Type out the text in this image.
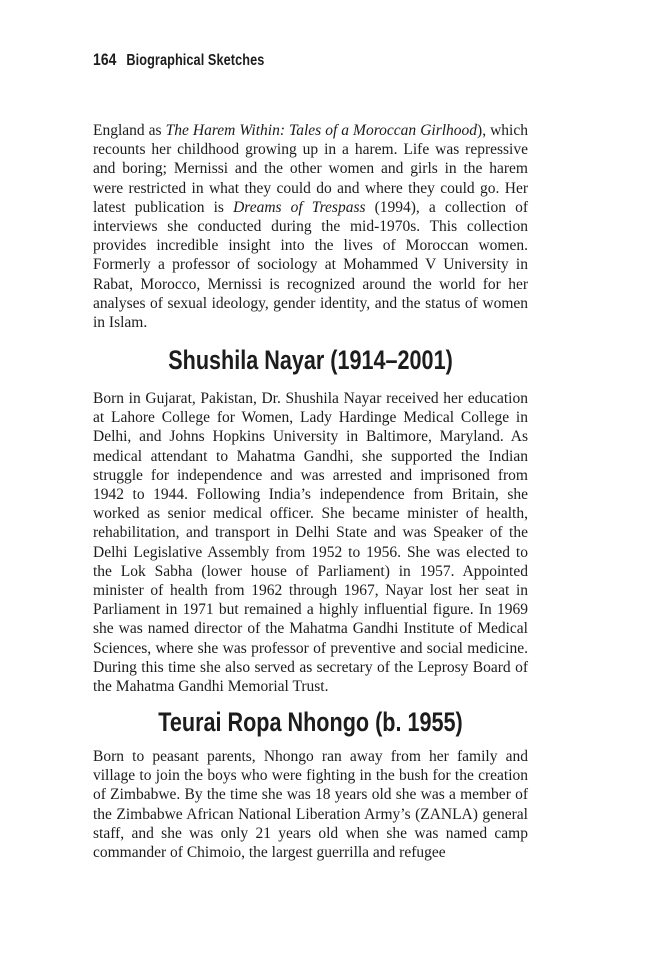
164 Biographical Sketches

England as The Harem Within: Tales of a Moroccan Girlhood), which recounts her childhood growing up in a harem. Life was repressive and boring; Mernissi and the other women and girls in the harem were restricted in what they could do and where they could go. Her latest publication is Dreams of Trespass (1994), a collection of interviews she conducted during the mid-1970s. This collection provides incredible insight into the lives of Moroccan women. Formerly a professor of sociology at Mohammed V University in Rabat, Morocco, Mernissi is recognized around the world for her analyses of sexual ideology, gender identity, and the status of women in Islam.

Shushila Nayar (1914–2001)

Born in Gujarat, Pakistan, Dr. Shushila Nayar received her education at Lahore College for Women, Lady Hardinge Medical College in Delhi, and Johns Hopkins University in Baltimore, Maryland. As medical attendant to Mahatma Gandhi, she supported the Indian struggle for independence and was arrested and imprisoned from 1942 to 1944. Following India’s independence from Britain, she worked as senior medical officer. She became minister of health, rehabilitation, and transport in Delhi State and was Speaker of the Delhi Legislative Assembly from 1952 to 1956. She was elected to the Lok Sabha (lower house of Parliament) in 1957. Appointed minister of health from 1962 through 1967, Nayar lost her seat in Parliament in 1971 but remained a highly influential figure. In 1969 she was named director of the Mahatma Gandhi Institute of Medical Sciences, where she was professor of preventive and social medicine. During this time she also served as secretary of the Leprosy Board of the Mahatma Gandhi Memorial Trust.

Teurai Ropa Nhongo (b. 1955)

Born to peasant parents, Nhongo ran away from her family and village to join the boys who were fighting in the bush for the creation of Zimbabwe. By the time she was 18 years old she was a member of the Zimbabwe African National Liberation Army’s (ZANLA) general staff, and she was only 21 years old when she was named camp commander of Chimoio, the largest guerrilla and refugee
